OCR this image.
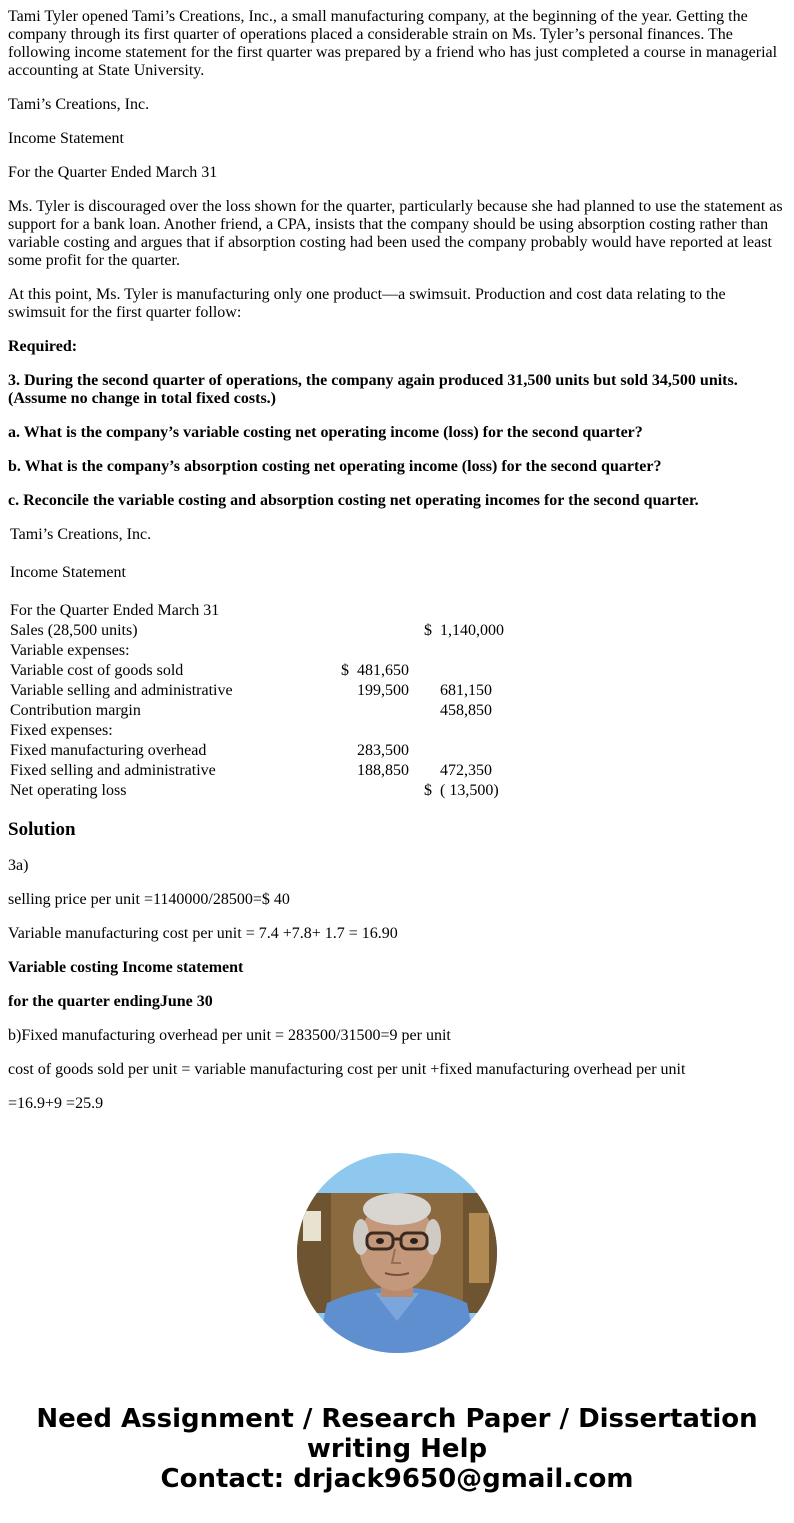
Tami Tyler opened Tami’s Creations, Inc., a small manufacturing company, at the beginning of the year. Getting the company through its first quarter of operations placed a considerable strain on Ms. Tyler’s personal finances. The following income statement for the first quarter was prepared by a friend who has just completed a course in managerial accounting at State University.

Tami’s Creations, Inc.

Income Statement

For the Quarter Ended March 31

Ms. Tyler is discouraged over the loss shown for the quarter, particularly because she had planned to use the statement as support for a bank loan. Another friend, a CPA, insists that the company should be using absorption costing rather than variable costing and argues that if absorption costing had been used the company probably would have reported at least some profit for the quarter.

At this point, Ms. Tyler is manufacturing only one product—a swimsuit. Production and cost data relating to the swimsuit for the first quarter follow:

Required:

3. During the second quarter of operations, the company again produced 31,500 units but sold 34,500 units. (Assume no change in total fixed costs.)

a. What is the company’s variable costing net operating income (loss) for the second quarter?

b. What is the company’s absorption costing net operating income (loss) for the second quarter?

c. Reconcile the variable costing and absorption costing net operating incomes for the second quarter.

Tami’s Creations, Inc.		

Income Statement		

For the Quarter Ended March 31		
Sales (28,500 units)		$ 1,140,000
Variable expenses:		
Variable cost of goods sold	$ 481,650	
Variable selling and administrative	199,500	681,150
Contribution margin		458,850
Fixed expenses:		
Fixed manufacturing overhead	283,500	
Fixed selling and administrative	188,850	472,350
Net operating loss		$ ( 13,500)
Solution

3a)

selling price per unit =1140000/28500=$ 40

Variable manufacturing cost per unit = 7.4 +7.8+ 1.7 = 16.90

Variable costing Income statement

for the quarter endingJune 30

b)Fixed manufacturing overhead per unit = 283500/31500=9 per unit

cost of goods sold per unit = variable manufacturing cost per unit +fixed manufacturing overhead per unit

=16.9+9 =25.9

Need Assignment / Research Paper / Dissertation
writing Help
Contact: drjack9650@gmail.com
